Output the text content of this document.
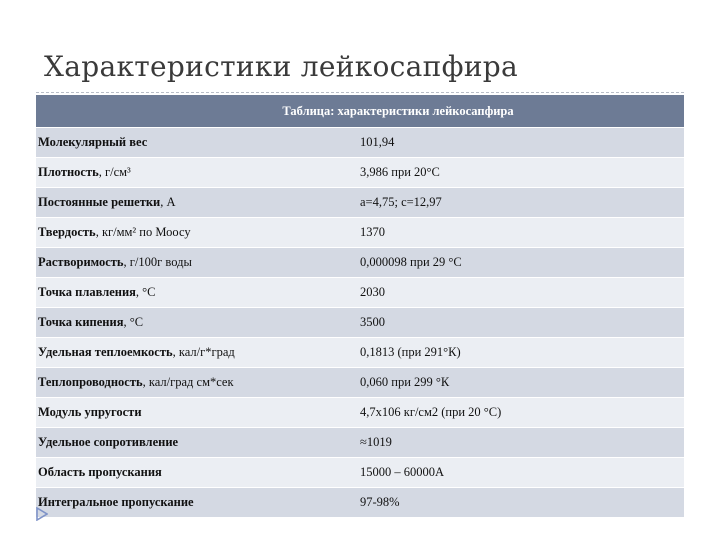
Характеристики лейкосапфира
Таблица: характеристики лейкосапфира
Молекулярный вес	101,94
Плотность, г/см³	3,986 при 20°С
Постоянные решетки, А	a=4,75; c=12,97
Твердость, кг/мм² по Моосу	1370
Растворимость, г/100г воды	0,000098 при 29 °С
Точка плавления, °С	2030
Точка кипения, °С	3500
Удельная теплоемкость, кал/г*град	0,1813 (при 291°К)
Теплопроводность, кал/град см*сек	0,060 при 299 °К
Модуль упругости	4,7х106 кг/см2 (при 20 °С)
Удельное сопротивление	≈1019
Область пропускания	15000 – 60000А
Интегральное пропускание	97-98%
